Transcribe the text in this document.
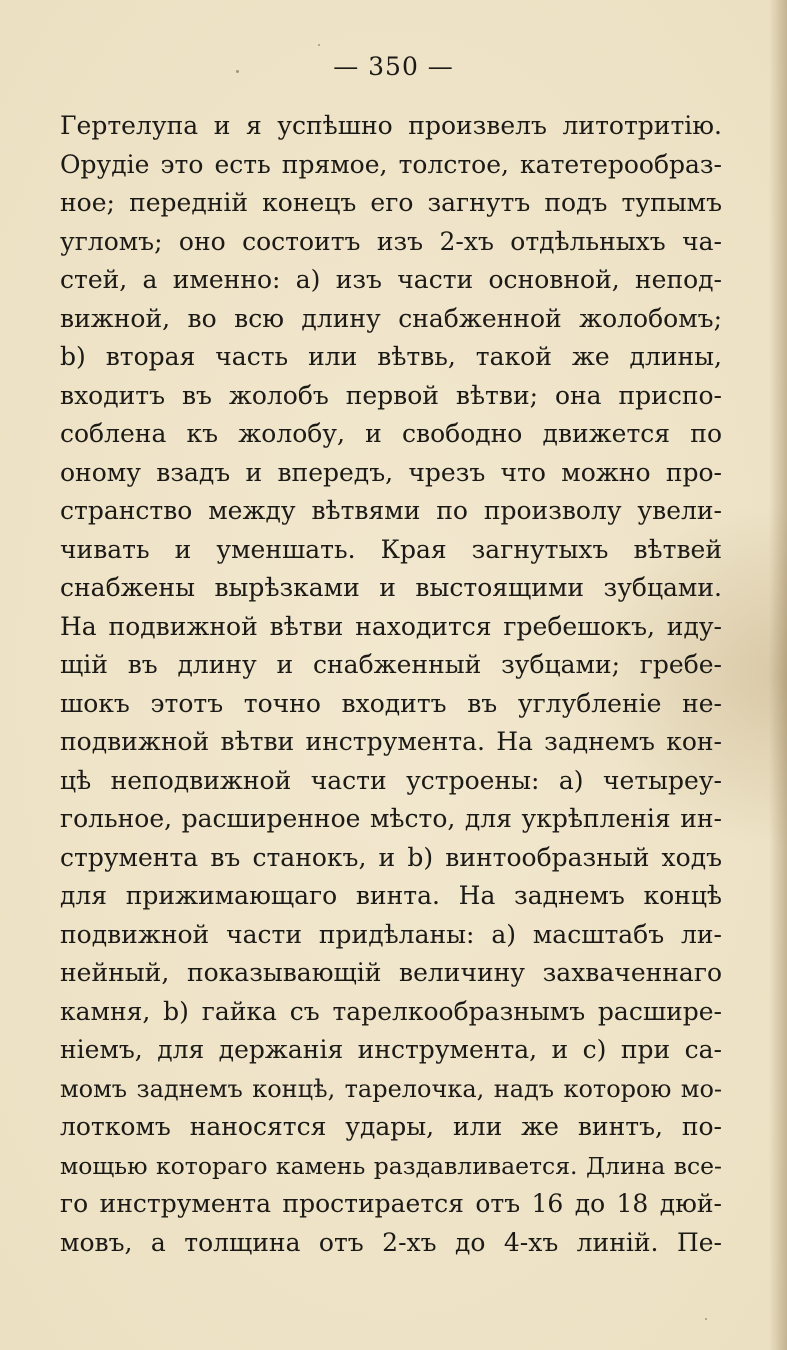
— 350 —
Гертелупа и я успѣшно произвелъ литотритію.
Орудіе это есть прямое, толстое, катетерообраз-
ное; передній конецъ его загнутъ подъ тупымъ
угломъ; оно состоитъ изъ 2-хъ отдѣльныхъ ча-
стей, а именно: а) изъ части основной, непод-
вижной, во всю длину снабженной жолобомъ;
b) вторая часть или вѣтвь, такой же длины,
входитъ въ жолобъ первой вѣтви; она приспо-
соблена къ жолобу, и свободно движется по
оному взадъ и впередъ, чрезъ что можно про-
странство между вѣтвями по произволу увели-
чивать и уменшать. Края загнутыхъ вѣтвей
снабжены вырѣзками и выстоящими зубцами.
На подвижной вѣтви находится гребешокъ, иду-
щій въ длину и снабженный зубцами; гребе-
шокъ этотъ точно входитъ въ углубленіе не-
подвижной вѣтви инструмента. На заднемъ кон-
цѣ неподвижной части устроены: а) четыреу-
гольное, расширенное мѣсто, для укрѣпленія ин-
струмента въ станокъ, и b) винтообразный ходъ
для прижимающаго винта. На заднемъ концѣ
подвижной части придѣланы: а) масштабъ ли-
нейный, показывающій величину захваченнаго
камня, b) гайка съ тарелкообразнымъ расшире-
ніемъ, для держанія инструмента, и с) при са-
момъ заднемъ концѣ, тарелочка, надъ которою мо-
лоткомъ наносятся удары, или же винтъ, по-
мощью котораго камень раздавливается. Длина все-
го инструмента простирается отъ 16 до 18 дюй-
мовъ, а толщина отъ 2-хъ до 4-хъ линій. Пе-
